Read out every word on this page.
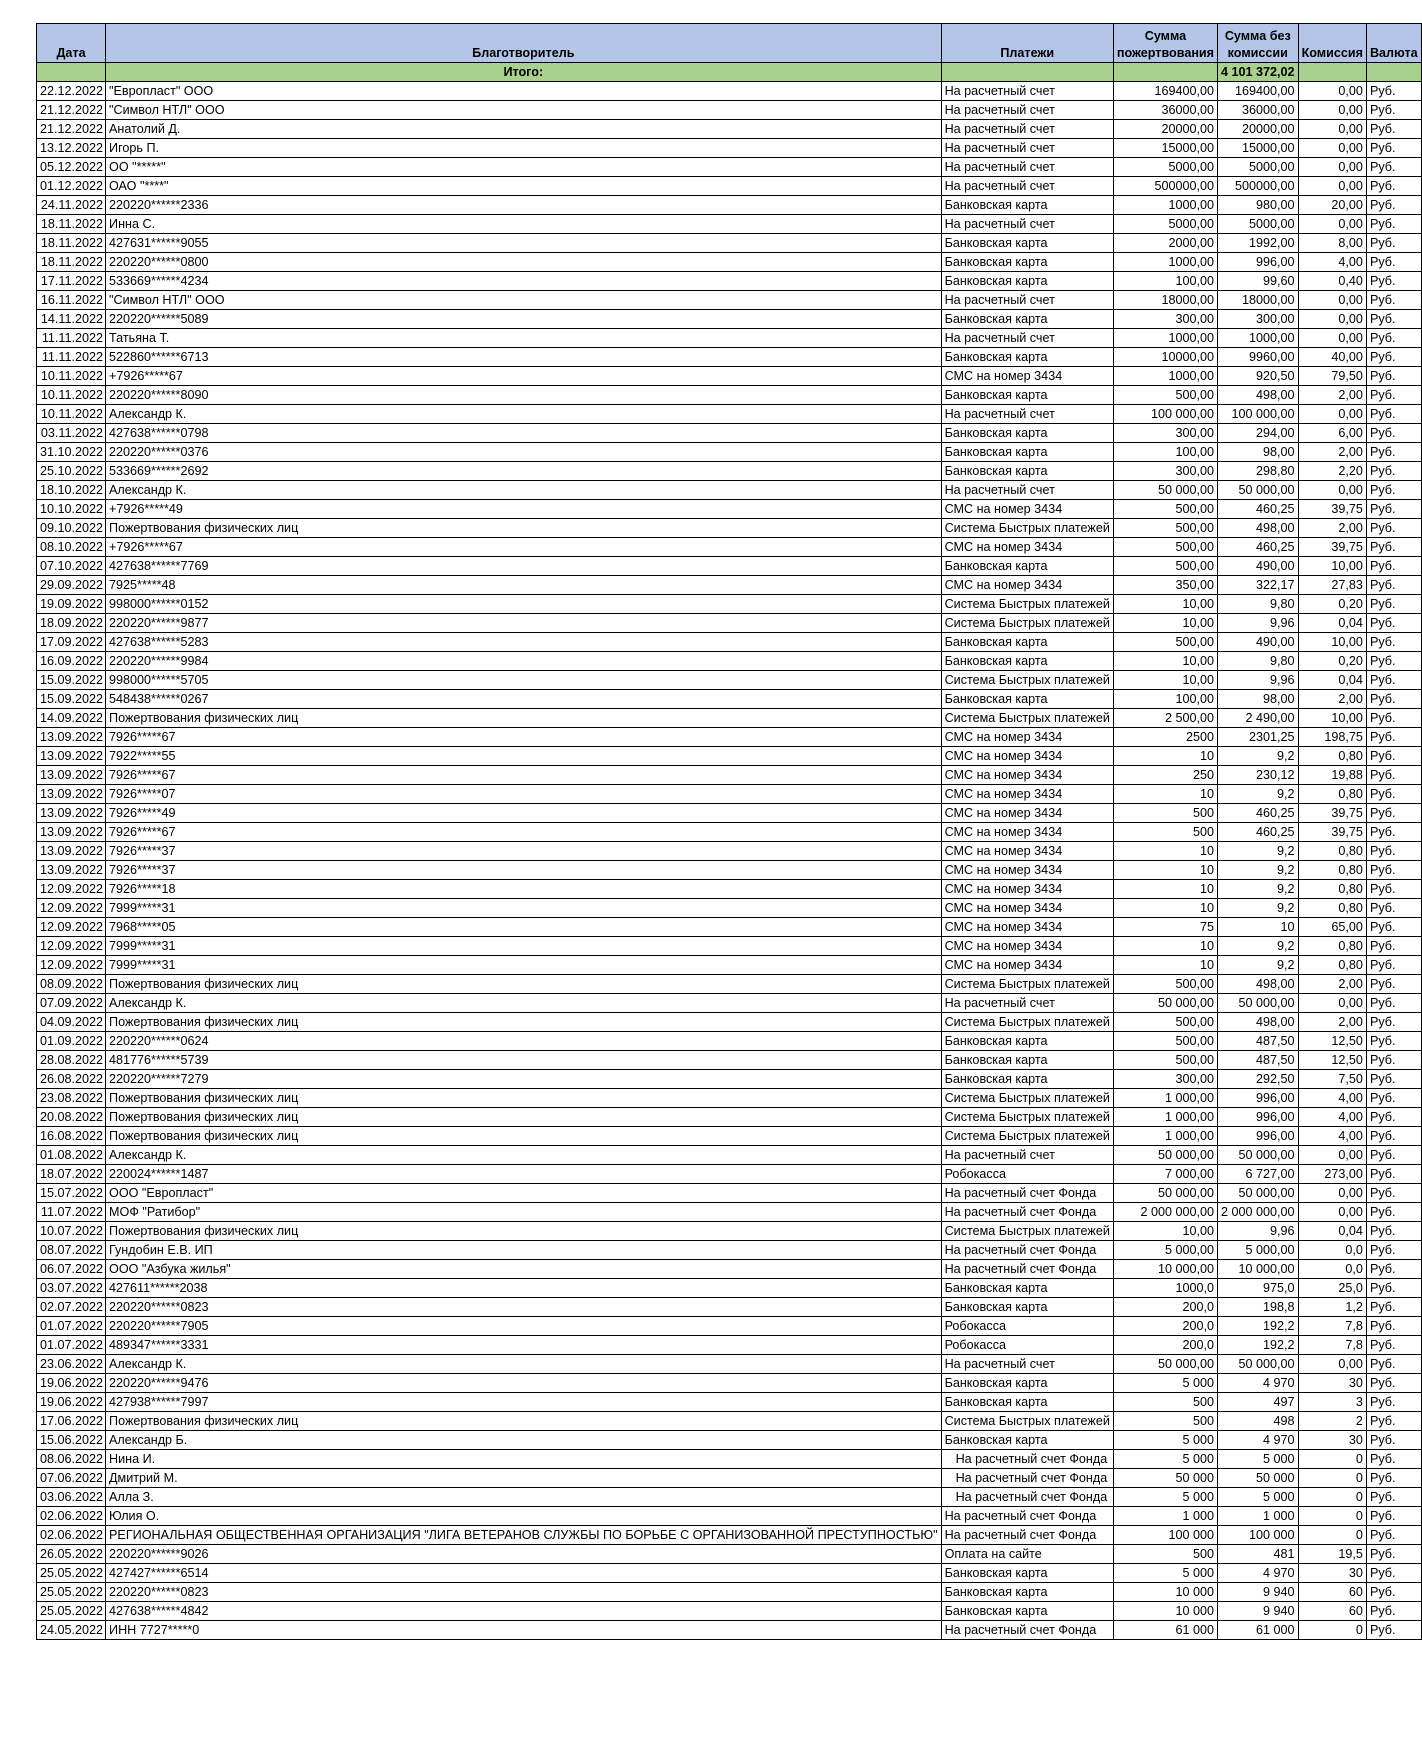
Дата	Благотворитель	Платежи	Сумма пожертвования	Сумма без комиссии	Комиссия	Валюта
	Итого:			4 101 372,02		
22.12.2022	"Европласт" ООО	На расчетный счет	169400,00	169400,00	0,00	Руб.
21.12.2022	"Символ НТЛ" ООО	На расчетный счет	36000,00	36000,00	0,00	Руб.
21.12.2022	Анатолий Д.	На расчетный счет	20000,00	20000,00	0,00	Руб.
13.12.2022	Игорь П.	На расчетный счет	15000,00	15000,00	0,00	Руб.
05.12.2022	ОО "*****"	На расчетный счет	5000,00	5000,00	0,00	Руб.
01.12.2022	ОАО "****"	На расчетный счет	500000,00	500000,00	0,00	Руб.
24.11.2022	220220******2336	Банковская карта	1000,00	980,00	20,00	Руб.
18.11.2022	Инна С.	На расчетный счет	5000,00	5000,00	0,00	Руб.
18.11.2022	427631******9055	Банковская карта	2000,00	1992,00	8,00	Руб.
18.11.2022	220220******0800	Банковская карта	1000,00	996,00	4,00	Руб.
17.11.2022	533669******4234	Банковская карта	100,00	99,60	0,40	Руб.
16.11.2022	"Символ НТЛ" ООО	На расчетный счет	18000,00	18000,00	0,00	Руб.
14.11.2022	220220******5089	Банковская карта	300,00	300,00	0,00	Руб.
11.11.2022	Татьяна Т.	На расчетный счет	1000,00	1000,00	0,00	Руб.
11.11.2022	522860******6713	Банковская карта	10000,00	9960,00	40,00	Руб.
10.11.2022	+7926*****67	СМС на номер 3434	1000,00	920,50	79,50	Руб.
10.11.2022	220220******8090	Банковская карта	500,00	498,00	2,00	Руб.
10.11.2022	Александр К.	На расчетный счет	100 000,00	100 000,00	0,00	Руб.
03.11.2022	427638******0798	Банковская карта	300,00	294,00	6,00	Руб.
31.10.2022	220220******0376	Банковская карта	100,00	98,00	2,00	Руб.
25.10.2022	533669******2692	Банковская карта	300,00	298,80	2,20	Руб.
18.10.2022	Александр К.	На расчетный счет	50 000,00	50 000,00	0,00	Руб.
10.10.2022	+7926*****49	СМС на номер 3434	500,00	460,25	39,75	Руб.
09.10.2022	Пожертвования физических лиц	Система Быстрых платежей	500,00	498,00	2,00	Руб.
08.10.2022	+7926*****67	СМС на номер 3434	500,00	460,25	39,75	Руб.
07.10.2022	427638******7769	Банковская карта	500,00	490,00	10,00	Руб.
29.09.2022	7925*****48	СМС на номер 3434	350,00	322,17	27,83	Руб.
19.09.2022	998000******0152	Система Быстрых платежей	10,00	9,80	0,20	Руб.
18.09.2022	220220******9877	Система Быстрых платежей	10,00	9,96	0,04	Руб.
17.09.2022	427638******5283	Банковская карта	500,00	490,00	10,00	Руб.
16.09.2022	220220******9984	Банковская карта	10,00	9,80	0,20	Руб.
15.09.2022	998000******5705	Система Быстрых платежей	10,00	9,96	0,04	Руб.
15.09.2022	548438******0267	Банковская карта	100,00	98,00	2,00	Руб.
14.09.2022	Пожертвования физических лиц	Система Быстрых платежей	2 500,00	2 490,00	10,00	Руб.
13.09.2022	7926*****67	СМС на номер 3434	2500	2301,25	198,75	Руб.
13.09.2022	7922*****55	СМС на номер 3434	10	9,2	0,80	Руб.
13.09.2022	7926*****67	СМС на номер 3434	250	230,12	19,88	Руб.
13.09.2022	7926*****07	СМС на номер 3434	10	9,2	0,80	Руб.
13.09.2022	7926*****49	СМС на номер 3434	500	460,25	39,75	Руб.
13.09.2022	7926*****67	СМС на номер 3434	500	460,25	39,75	Руб.
13.09.2022	7926*****37	СМС на номер 3434	10	9,2	0,80	Руб.
13.09.2022	7926*****37	СМС на номер 3434	10	9,2	0,80	Руб.
12.09.2022	7926*****18	СМС на номер 3434	10	9,2	0,80	Руб.
12.09.2022	7999*****31	СМС на номер 3434	10	9,2	0,80	Руб.
12.09.2022	7968*****05	СМС на номер 3434	75	10	65,00	Руб.
12.09.2022	7999*****31	СМС на номер 3434	10	9,2	0,80	Руб.
12.09.2022	7999*****31	СМС на номер 3434	10	9,2	0,80	Руб.
08.09.2022	Пожертвования физических лиц	Система Быстрых платежей	500,00	498,00	2,00	Руб.
07.09.2022	Александр К.	На расчетный счет	50 000,00	50 000,00	0,00	Руб.
04.09.2022	Пожертвования физических лиц	Система Быстрых платежей	500,00	498,00	2,00	Руб.
01.09.2022	220220******0624	Банковская карта	500,00	487,50	12,50	Руб.
28.08.2022	481776******5739	Банковская карта	500,00	487,50	12,50	Руб.
26.08.2022	220220******7279	Банковская карта	300,00	292,50	7,50	Руб.
23.08.2022	Пожертвования физических лиц	Система Быстрых платежей	1 000,00	996,00	4,00	Руб.
20.08.2022	Пожертвования физических лиц	Система Быстрых платежей	1 000,00	996,00	4,00	Руб.
16.08.2022	Пожертвования физических лиц	Система Быстрых платежей	1 000,00	996,00	4,00	Руб.
01.08.2022	Александр К.	На расчетный счет	50 000,00	50 000,00	0,00	Руб.
18.07.2022	220024******1487	Робокасса	7 000,00	6 727,00	273,00	Руб.
15.07.2022	ООО "Европласт"	На расчетный счет Фонда	50 000,00	50 000,00	0,00	Руб.
11.07.2022	МОФ "Ратибор"	На расчетный счет Фонда	2 000 000,00	2 000 000,00	0,00	Руб.
10.07.2022	Пожертвования физических лиц	Система Быстрых платежей	10,00	9,96	0,04	Руб.
08.07.2022	Гундобин Е.В. ИП	На расчетный счет Фонда	5 000,00	5 000,00	0,0	Руб.
06.07.2022	ООО "Азбука жилья"	На расчетный счет Фонда	10 000,00	10 000,00	0,0	Руб.
03.07.2022	427611******2038	Банковская карта	1000,0	975,0	25,0	Руб.
02.07.2022	220220******0823	Банковская карта	200,0	198,8	1,2	Руб.
01.07.2022	220220******7905	Робокасса	200,0	192,2	7,8	Руб.
01.07.2022	489347******3331	Робокасса	200,0	192,2	7,8	Руб.
23.06.2022	Александр К.	На расчетный счет	50 000,00	50 000,00	0,00	Руб.
19.06.2022	220220******9476	Банковская карта	5 000	4 970	30	Руб.
19.06.2022	427938******7997	Банковская карта	500	497	3	Руб.
17.06.2022	Пожертвования физических лиц	Система Быстрых платежей	500	498	2	Руб.
15.06.2022	Александр Б.	Банковская карта	5 000	4 970	30	Руб.
08.06.2022	Нина И.	На расчетный счет Фонда	5 000	5 000	0	Руб.
07.06.2022	Дмитрий М.	На расчетный счет Фонда	50 000	50 000	0	Руб.
03.06.2022	Алла З.	На расчетный счет Фонда	5 000	5 000	0	Руб.
02.06.2022	Юлия О.	На расчетный счет Фонда	1 000	1 000	0	Руб.
02.06.2022	РЕГИОНАЛЬНАЯ ОБЩЕСТВЕННАЯ ОРГАНИЗАЦИЯ "ЛИГА ВЕТЕРАНОВ СЛУЖБЫ ПО БОРЬБЕ С ОРГАНИЗОВАННОЙ ПРЕСТУПНОСТЬЮ"	На расчетный счет Фонда	100 000	100 000	0	Руб.
26.05.2022	220220******9026	Оплата на сайте	500	481	19,5	Руб.
25.05.2022	427427******6514	Банковская карта	5 000	4 970	30	Руб.
25.05.2022	220220******0823	Банковская карта	10 000	9 940	60	Руб.
25.05.2022	427638******4842	Банковская карта	10 000	9 940	60	Руб.
24.05.2022	ИНН 7727*****0	На расчетный счет Фонда	61 000	61 000	0	Руб.
